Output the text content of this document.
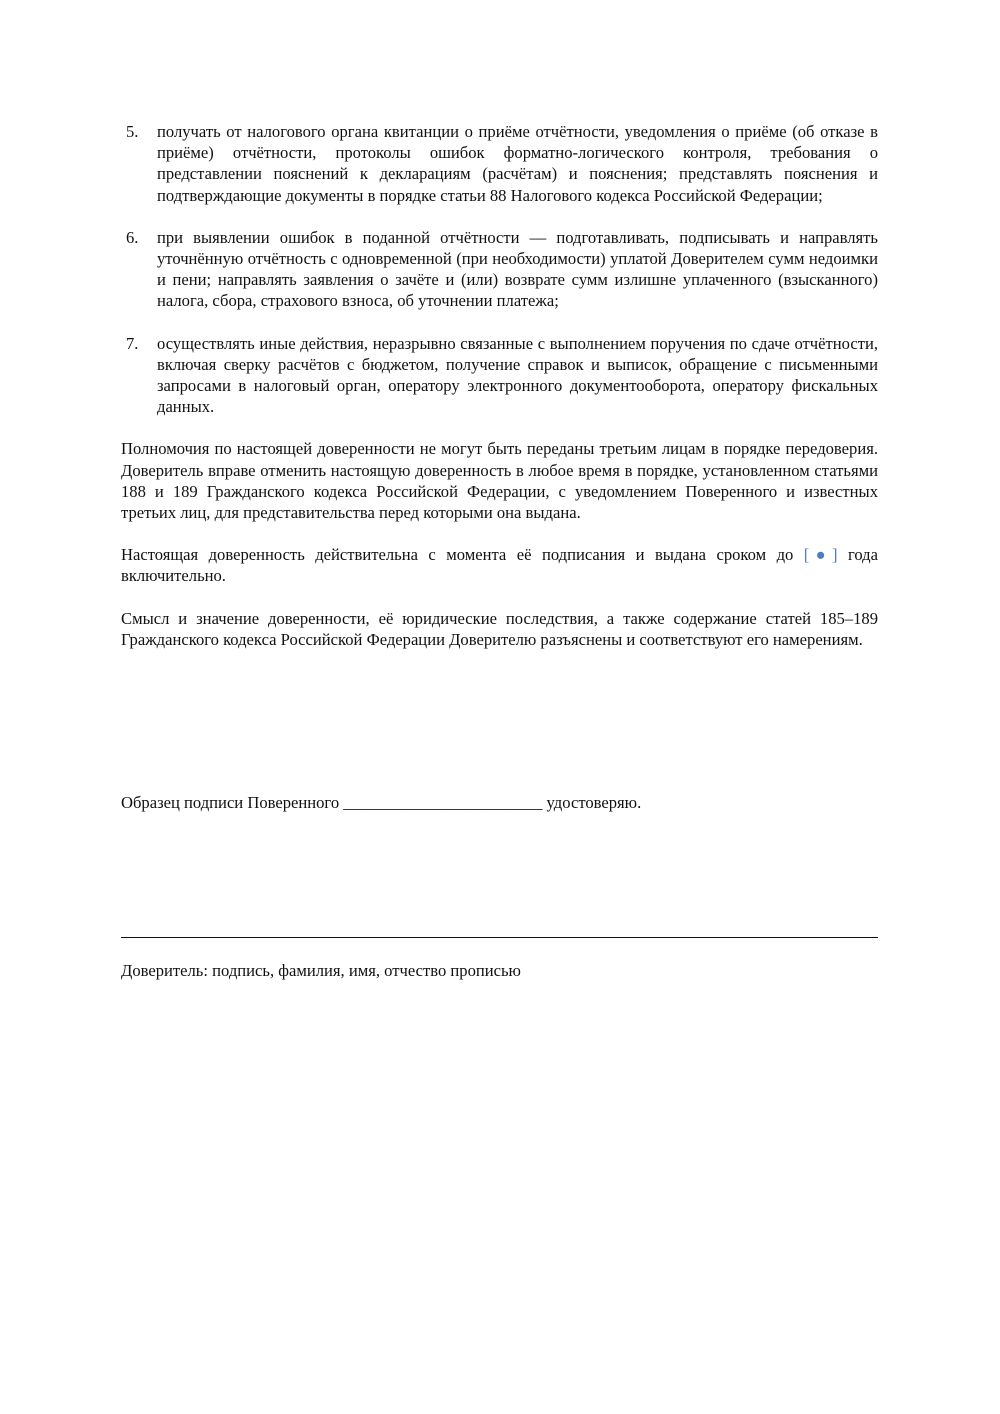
5. получать от налогового органа квитанции о приёме отчётности, уведомления о приёме (об отказе в приёме) отчётности, протоколы ошибок форматно-логического контроля, требования о представлении пояснений к декларациям (расчётам) и пояснения; представлять пояснения и подтверждающие документы в порядке статьи 88 Налогового кодекса Российской Федерации;
6. при выявлении ошибок в поданной отчётности — подготавливать, подписывать и направлять уточнённую отчётность с одновременной (при необходимости) уплатой Доверителем сумм недоимки и пени; направлять заявления о зачёте и (или) возврате сумм излишне уплаченного (взысканного) налога, сбора, страхового взноса, об уточнении платежа;
7. осуществлять иные действия, неразрывно связанные с выполнением поручения по сдаче отчётности, включая сверку расчётов с бюджетом, получение справок и выписок, обращение с письменными запросами в налоговый орган, оператору электронного документооборота, оператору фискальных данных.

Полномочия по настоящей доверенности не могут быть переданы третьим лицам в порядке передоверия. Доверитель вправе отменить настоящую доверенность в любое время в порядке, установленном статьями 188 и 189 Гражданского кодекса Российской Федерации, с уведомлением Поверенного и известных третьих лиц, для представительства перед которыми она выдана.

Настоящая доверенность действительна с момента её подписания и выдана сроком до [●] года включительно.

Смысл и значение доверенности, её юридические последствия, а также содержание статей 185–189 Гражданского кодекса Российской Федерации Доверителю разъяснены и соответствуют его намерениям.

Образец подписи Поверенного ________________________ удостоверяю.
Доверитель: подпись, фамилия, имя, отчество прописью
